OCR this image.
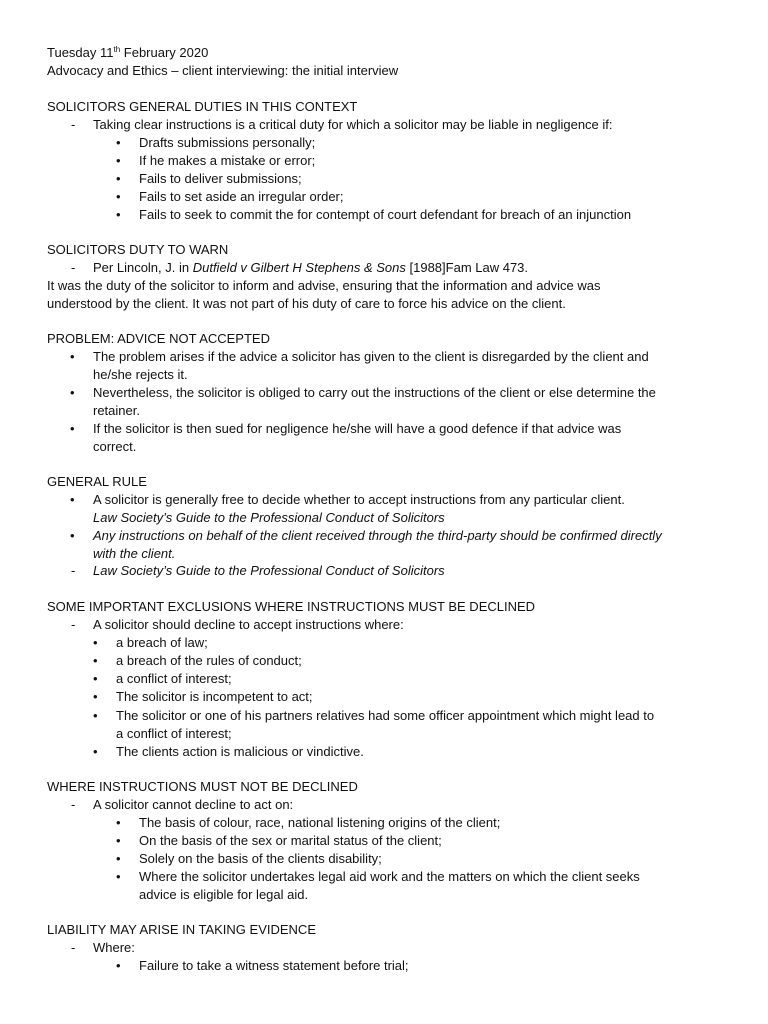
Tuesday 11th February 2020
Advocacy and Ethics – client interviewing: the initial interview
SOLICITORS GENERAL DUTIES IN THIS CONTEXT
- Taking clear instructions is a critical duty for which a solicitor may be liable in negligence if:
• Drafts submissions personally;
• If he makes a mistake or error;
• Fails to deliver submissions;
• Fails to set aside an irregular order;
• Fails to seek to commit the for contempt of court defendant for breach of an injunction
SOLICITORS DUTY TO WARN
- Per Lincoln, J. in Dutfield v Gilbert H Stephens & Sons [1988]Fam Law 473.
It was the duty of the solicitor to inform and advise, ensuring that the information and advice was
understood by the client. It was not part of his duty of care to force his advice on the client.
PROBLEM: ADVICE NOT ACCEPTED
• The problem arises if the advice a solicitor has given to the client is disregarded by the client and
he/she rejects it.
• Nevertheless, the solicitor is obliged to carry out the instructions of the client or else determine the
retainer.
• If the solicitor is then sued for negligence he/she will have a good defence if that advice was
correct.
GENERAL RULE
• A solicitor is generally free to decide whether to accept instructions from any particular client.
Law Society’s Guide to the Professional Conduct of Solicitors
• Any instructions on behalf of the client received through the third-party should be confirmed directly
with the client.
- Law Society’s Guide to the Professional Conduct of Solicitors
SOME IMPORTANT EXCLUSIONS WHERE INSTRUCTIONS MUST BE DECLINED
- A solicitor should decline to accept instructions where:
• a breach of law;
• a breach of the rules of conduct;
• a conflict of interest;
• The solicitor is incompetent to act;
• The solicitor or one of his partners relatives had some officer appointment which might lead to
a conflict of interest;
• The clients action is malicious or vindictive.
WHERE INSTRUCTIONS MUST NOT BE DECLINED
- A solicitor cannot decline to act on:
• The basis of colour, race, national listening origins of the client;
• On the basis of the sex or marital status of the client;
• Solely on the basis of the clients disability;
• Where the solicitor undertakes legal aid work and the matters on which the client seeks
advice is eligible for legal aid.
LIABILITY MAY ARISE IN TAKING EVIDENCE
- Where:
• Failure to take a witness statement before trial;
